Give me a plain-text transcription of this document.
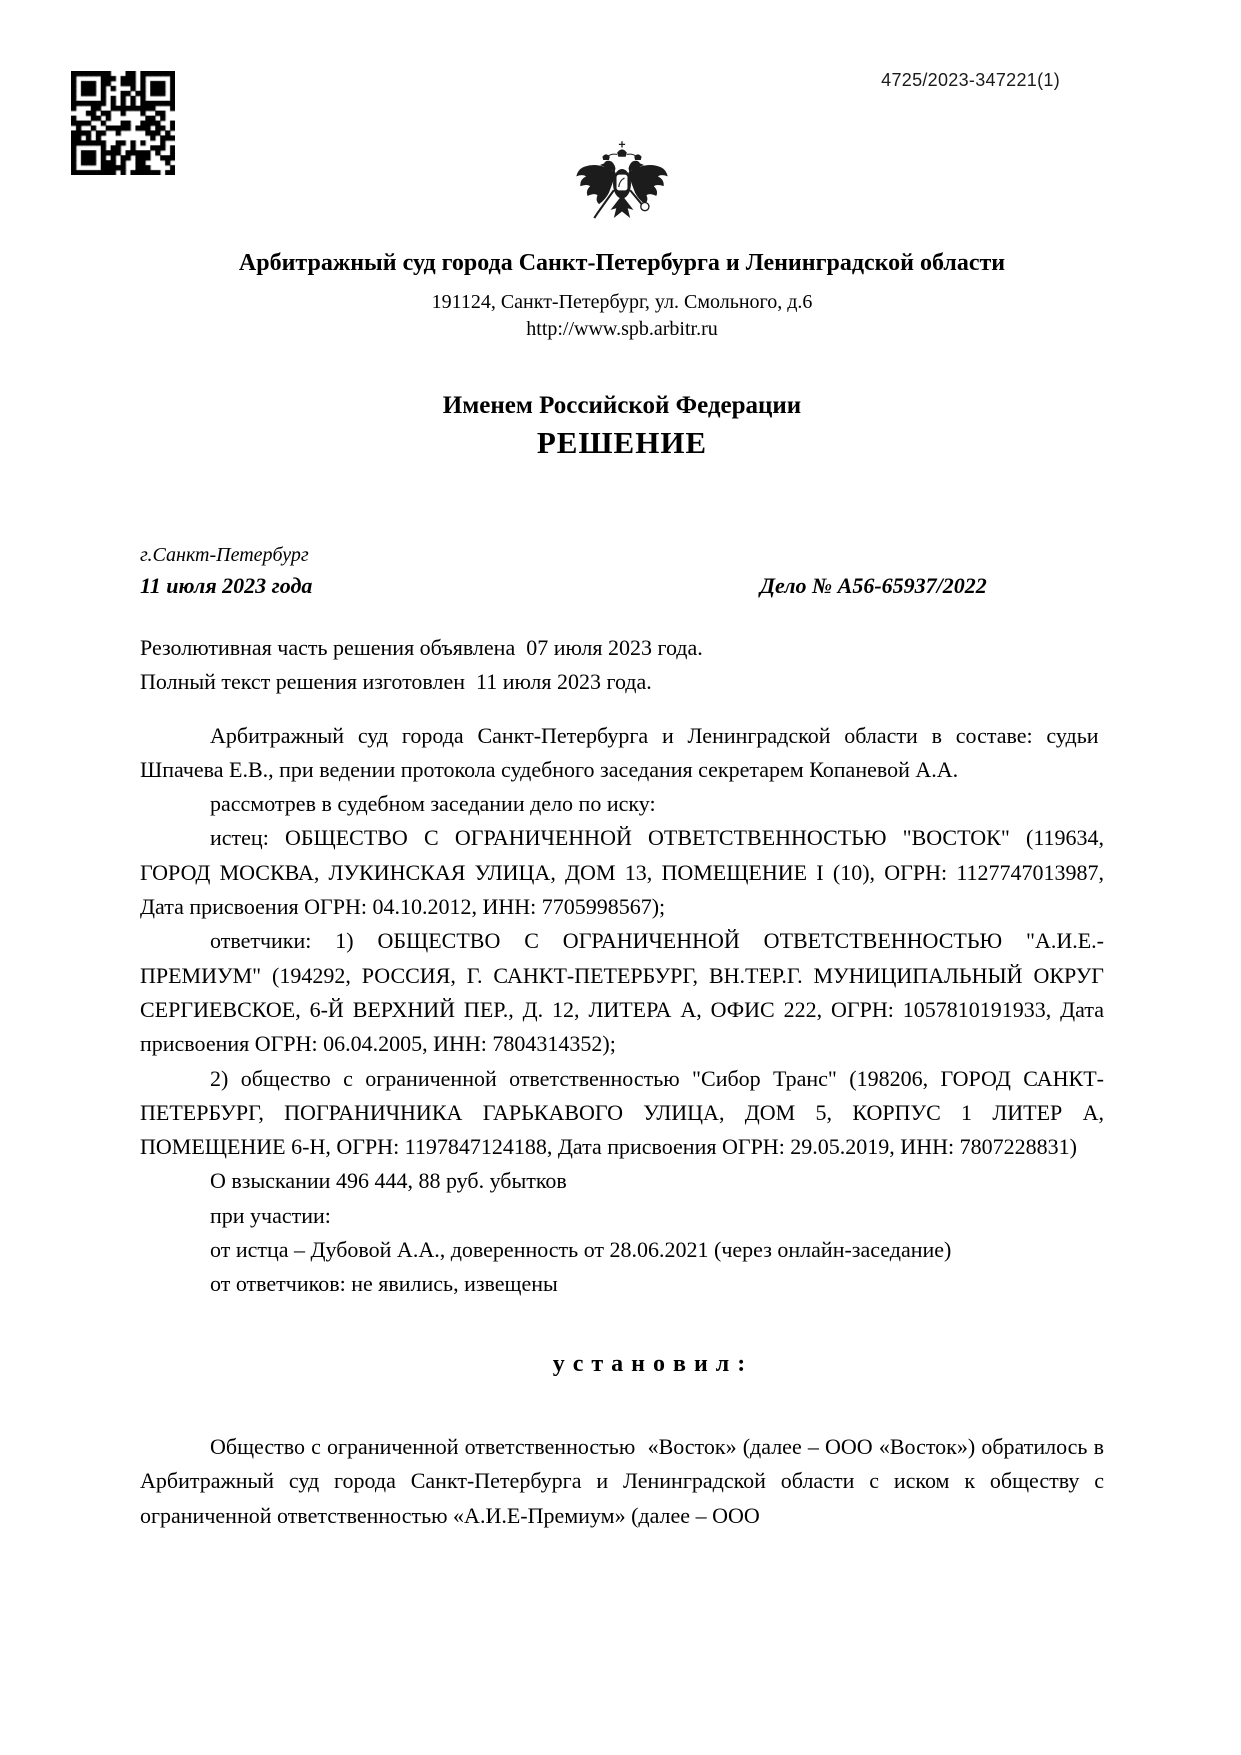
4725/2023-347221(1)
Арбитражный суд города Санкт-Петербурга и Ленинградской области
191124, Санкт-Петербург, ул. Смольного, д.6
http://www.spb.arbitr.ru
Именем Российской Федерации
РЕШЕНИЕ
г.Санкт-Петербург
11 июля 2023 года	Дело № А56-65937/2022

Резолютивная часть решения объявлена  07 июля 2023 года.

Полный текст решения изготовлен  11 июля 2023 года.

Арбитражный суд города Санкт-Петербурга и Ленинградской области в составе: судьи  Шпачева Е.В., при ведении протокола судебного заседания секретарем Копаневой А.А.

рассмотрев в судебном заседании дело по иску:

истец: ОБЩЕСТВО С ОГРАНИЧЕННОЙ ОТВЕТСТВЕННОСТЬЮ "ВОСТОК" (119634, ГОРОД МОСКВА, ЛУКИНСКАЯ УЛИЦА, ДОМ 13, ПОМЕЩЕНИЕ I (10), ОГРН: 1127747013987, Дата присвоения ОГРН: 04.10.2012, ИНН: 7705998567);

ответчики: 1) ОБЩЕСТВО С ОГРАНИЧЕННОЙ ОТВЕТСТВЕННОСТЬЮ "А.И.Е.-ПРЕМИУМ" (194292, РОССИЯ, Г. САНКТ-ПЕТЕРБУРГ, ВН.ТЕР.Г. МУНИЦИПАЛЬНЫЙ ОКРУГ СЕРГИЕВСКОЕ, 6-Й ВЕРХНИЙ ПЕР., Д. 12, ЛИТЕРА А, ОФИС 222, ОГРН: 1057810191933, Дата присвоения ОГРН: 06.04.2005, ИНН: 7804314352);

2) общество с ограниченной ответственностью "Сибор Транс" (198206, ГОРОД САНКТ-ПЕТЕРБУРГ, ПОГРАНИЧНИКА ГАРЬКАВОГО УЛИЦА, ДОМ 5, КОРПУС 1 ЛИТЕР А, ПОМЕЩЕНИЕ 6-Н, ОГРН: 1197847124188, Дата присвоения ОГРН: 29.05.2019, ИНН: 7807228831)

О взыскании 496 444, 88 руб. убытков

при участии:

от истца – Дубовой А.А., доверенность от 28.06.2021 (через онлайн-заседание)

от ответчиков: не явились, извещены

у с т а н о в и л :

Общество с ограниченной ответственностью  «Восток» (далее – ООО «Восток») обратилось в Арбитражный суд города Санкт-Петербурга и Ленинградской области с иском к обществу с ограниченной ответственностью «А.И.Е-Премиум» (далее – ООО
